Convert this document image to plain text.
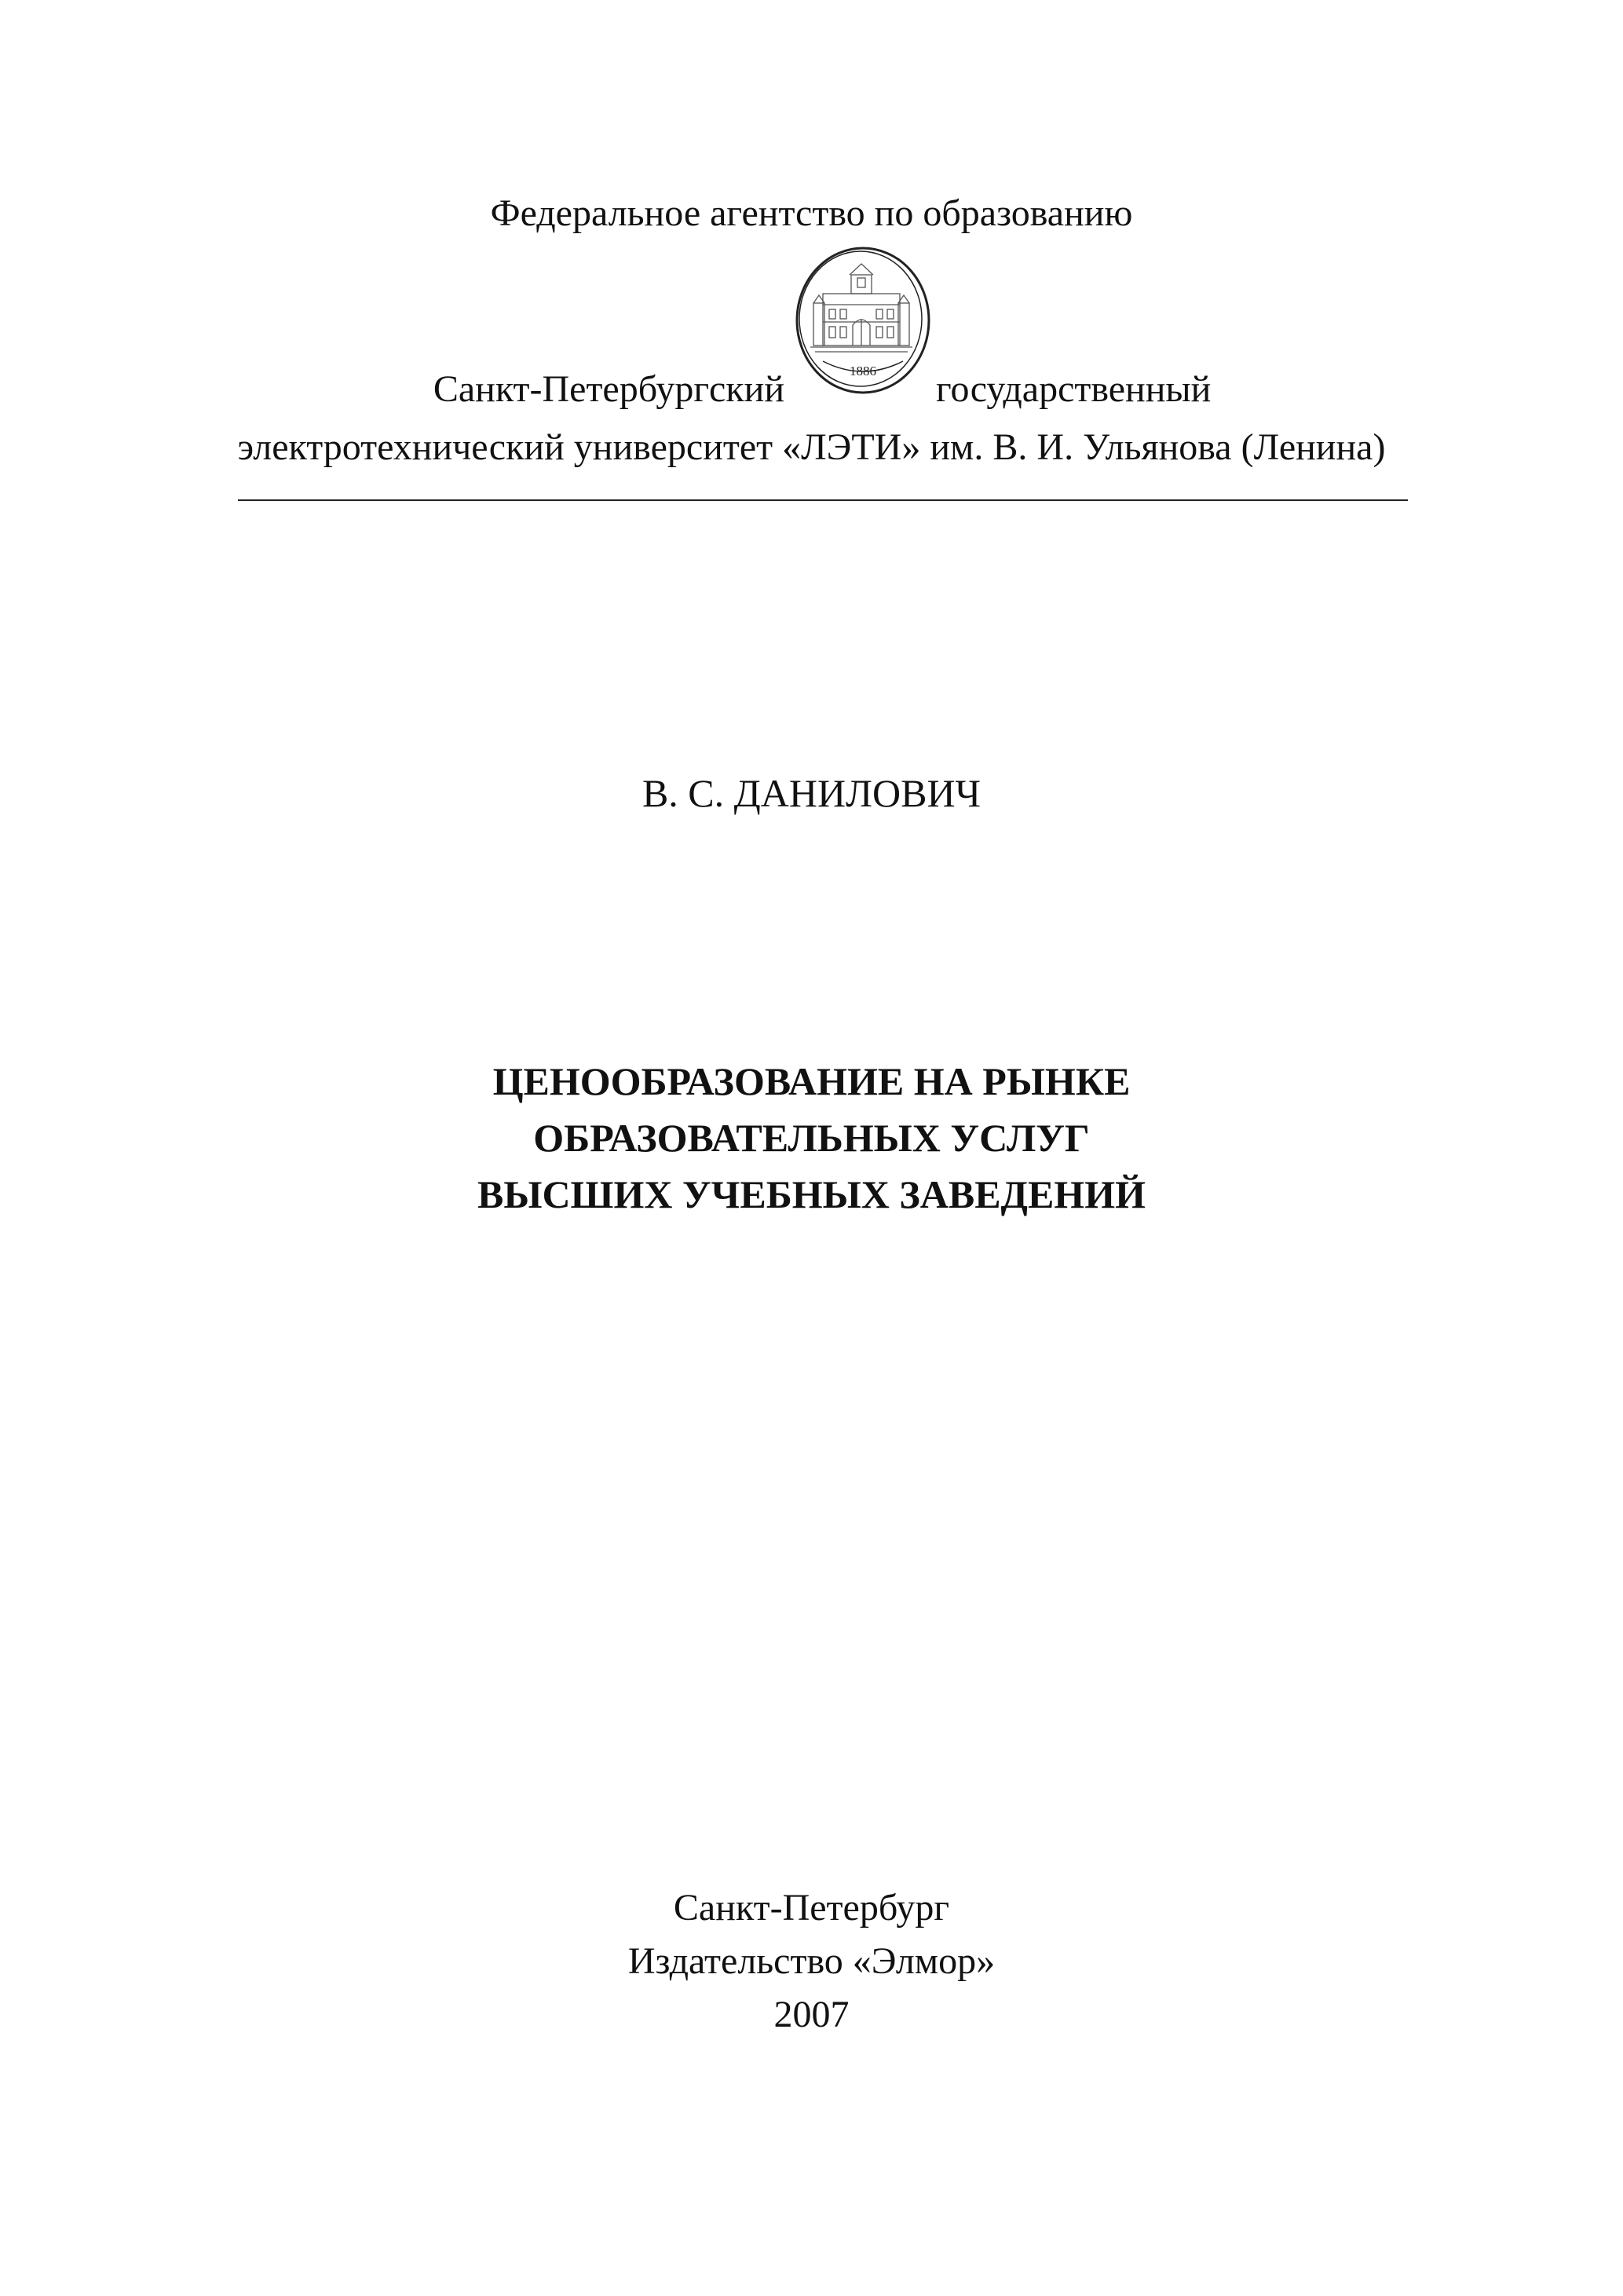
Федеральное агентство по образованию
1886
Санкт-Петербургский	государственный
электротехнический университет «ЛЭТИ» им. В. И. Ульянова (Ленина)
В. С. ДАНИЛОВИЧ
ЦЕНООБРАЗОВАНИЕ НА РЫНКЕ
ОБРАЗОВАТЕЛЬНЫХ УСЛУГ
ВЫСШИХ УЧЕБНЫХ ЗАВЕДЕНИЙ
Санкт-Петербург
Издательство «Элмор»
2007
